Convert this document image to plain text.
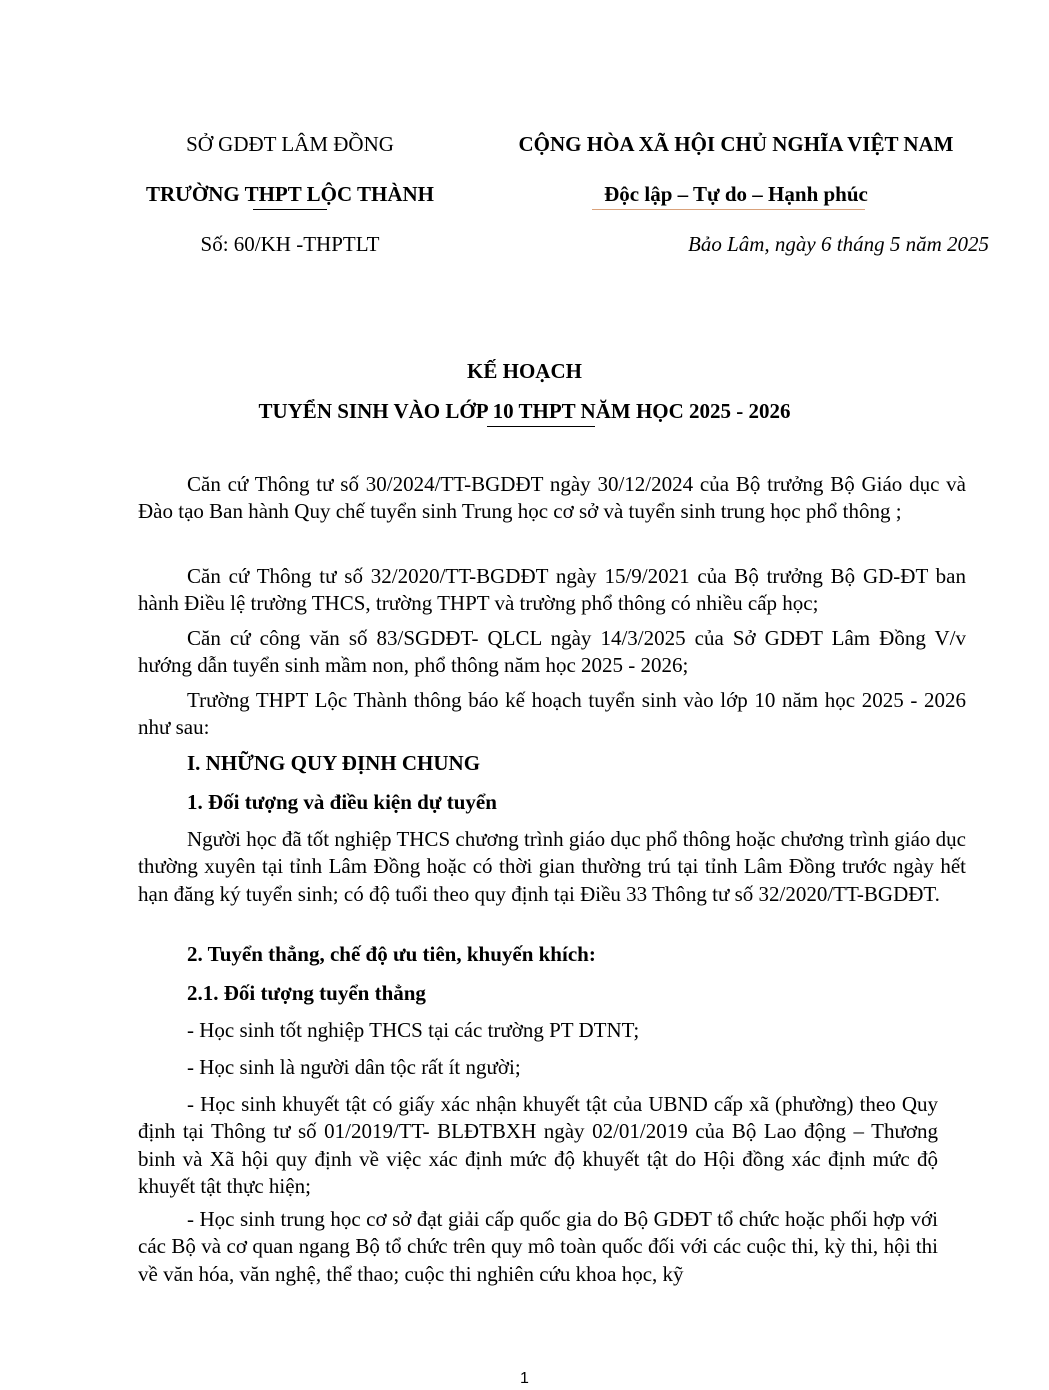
SỞ GDĐT LÂM ĐỒNG
TRƯỜNG THPT LỘC THÀNH
Số: 60/KH -THPTLT
CỘNG HÒA XÃ HỘI CHỦ NGHĨA VIỆT NAM
Độc lập – Tự do – Hạnh phúc
Bảo Lâm, ngày 6 tháng 5 năm 2025
KẾ HOẠCH
TUYỂN SINH VÀO LỚP 10 THPT NĂM HỌC 2025 - 2026

Căn cứ Thông tư số 30/2024/TT-BGDĐT ngày 30/12/2024 của Bộ trưởng Bộ Giáo dục và Đào tạo Ban hành Quy chế tuyển sinh Trung học cơ sở và tuyển sinh trung học phổ thông ;

Căn cứ Thông tư số 32/2020/TT-BGDĐT ngày 15/9/2021 của Bộ trưởng Bộ GD-ĐT ban hành Điều lệ trường THCS, trường THPT và trường phổ thông có nhiều cấp học;

Căn cứ công văn số 83/SGDĐT- QLCL ngày 14/3/2025 của Sở GDĐT Lâm Đồng V/v hướng dẫn tuyển sinh mầm non, phổ thông năm học 2025 - 2026;

Trường THPT Lộc Thành thông báo kế hoạch tuyển sinh vào lớp 10 năm học 2025 - 2026 như sau:

I. NHỮNG QUY ĐỊNH CHUNG
1. Đối tượng và điều kiện dự tuyển

Người học đã tốt nghiệp THCS chương trình giáo dục phổ thông hoặc chương trình giáo dục thường xuyên tại tỉnh Lâm Đồng hoặc có thời gian thường trú tại tỉnh Lâm Đồng trước ngày hết hạn đăng ký tuyển sinh; có độ tuổi theo quy định tại Điều 33 Thông tư số 32/2020/TT-BGDĐT.

2. Tuyển thẳng, chế độ ưu tiên, khuyến khích:
2.1. Đối tượng tuyển thẳng
- Học sinh tốt nghiệp THCS tại các trường PT DTNT;
- Học sinh là người dân tộc rất ít người;

- Học sinh khuyết tật có giấy xác nhận khuyết tật của UBND cấp xã (phường) theo Quy định tại Thông tư số 01/2019/TT- BLĐTBXH ngày 02/01/2019 của Bộ Lao động – Thương binh và Xã hội quy định về việc xác định mức độ khuyết tật do Hội đồng xác định mức độ khuyết tật thực hiện;

- Học sinh trung học cơ sở đạt giải cấp quốc gia do Bộ GDĐT tổ chức hoặc phối hợp với các Bộ và cơ quan ngang Bộ tổ chức trên quy mô toàn quốc đối với các cuộc thi, kỳ thi, hội thi về văn hóa, văn nghệ, thể thao; cuộc thi nghiên cứu khoa học, kỹ

1
